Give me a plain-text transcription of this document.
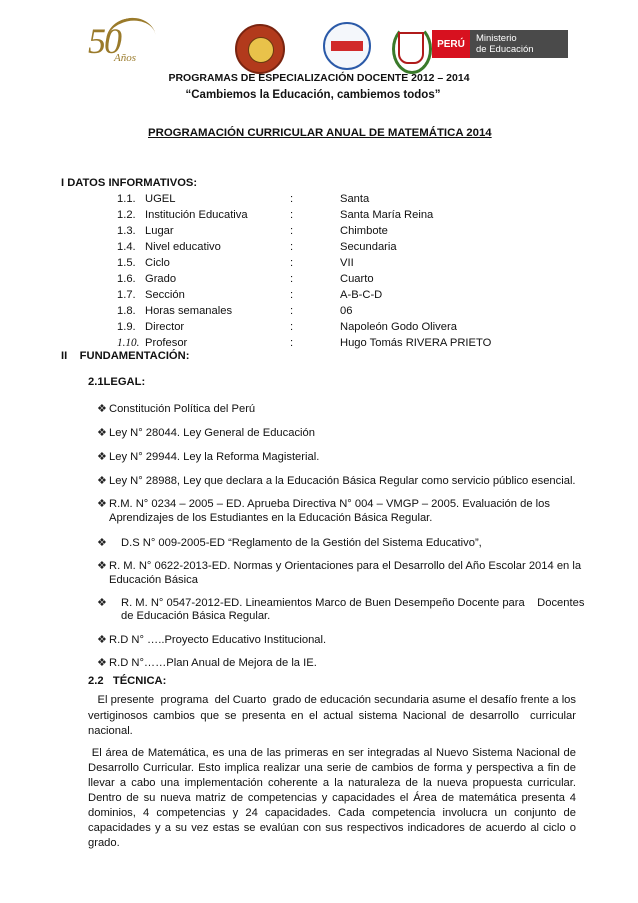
50
Años
PERÚ	Ministerio
de Educación
PROGRAMAS DE ESPECIALIZACIÓN DOCENTE 2012 – 2014
“Cambiemos la Educación, cambiemos todos”
PROGRAMACIÓN CURRICULAR ANUAL DE MATEMÁTICA 2014
I DATOS INFORMATIVOS:
1.1. UGEL	:	Santa
1.2. Institución Educativa	:	Santa María Reina
1.3. Lugar	:	Chimbote
1.4. Nivel educativo	:	Secundaria
1.5. Ciclo	:	VII
1.6. Grado	:	Cuarto
1.7. Sección	:	A-B-C-D
1.8. Horas semanales	:	06
1.9. Director	:	Napoleón Godo Olivera
1.10. Profesor	:	Hugo Tomás RIVERA PRIETO
II    FUNDAMENTACIÓN:
2.1LEGAL:
❖ Constitución Política del Perú
❖ Ley N° 28044. Ley General de Educación
❖ Ley N° 29944. Ley la Reforma Magisterial.
❖ Ley N° 28988, Ley que declara a la Educación Básica Regular como servicio público esencial.
❖ R.M. N° 0234 – 2005 – ED. Aprueba Directiva N° 004 – VMGP – 2005. Evaluación de los
Aprendizajes de los Estudiantes en la Educación Básica Regular.
❖ D.S N° 009-2005-ED “Reglamento de la Gestión del Sistema Educativo”,
❖ R. M. N° 0622-2013-ED. Normas y Orientaciones para el Desarrollo del Año Escolar 2014 en la
Educación Básica
❖ R. M. N° 0547-2012-ED. Lineamientos Marco de Buen Desempeño Docente para    Docentes
de Educación Básica Regular.
❖ R.D N° …..Proyecto Educativo Institucional.
❖ R.D N°……Plan Anual de Mejora de la IE.
2.2   TÉCNICA:
El presente  programa  del Cuarto  grado de educación secundaria asume el desafío frente a los vertiginosos cambios que se presenta en el actual sistema Nacional de desarrollo  curricular nacional.
El área de Matemática, es una de las primeras en ser integradas al Nuevo Sistema Nacional de Desarrollo Curricular. Esto implica realizar una serie de cambios de forma y perspectiva a fin de llevar a cabo una implementación coherente a la naturaleza de la nueva propuesta curricular. Dentro de su nueva matriz de competencias y capacidades el Área de matemática presenta 4 dominios, 4 competencias y 24 capacidades. Cada competencia involucra un conjunto de capacidades y a su vez estas se evalúan con sus respectivos indicadores de acuerdo al ciclo o grado.
